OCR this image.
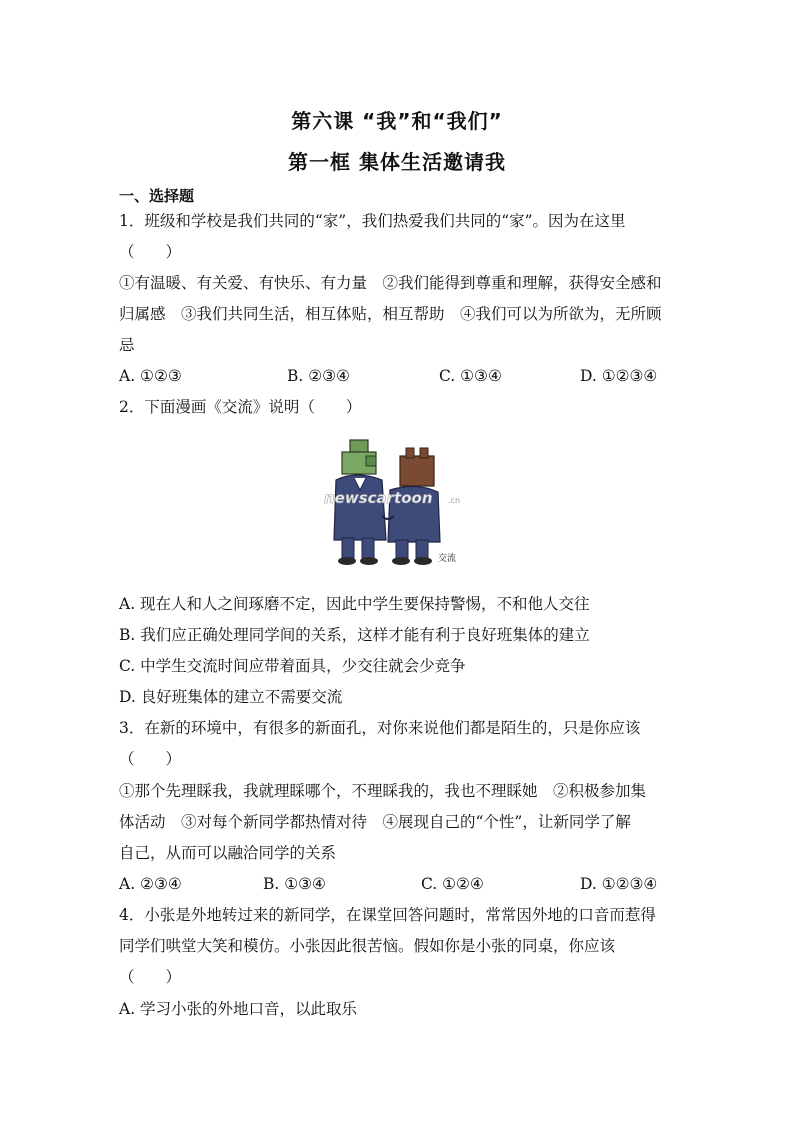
第六课 “我”和“我们”
第一框 集体生活邀请我
一、选择题
1．班级和学校是我们共同的“家”，我们热爱我们共同的“家”。因为在这里
（　　）
①有温暖、有关爱、有快乐、有力量　②我们能得到尊重和理解，获得安全感和
归属感　③我们共同生活，相互体贴，相互帮助　④我们可以为所欲为，无所顾
忌
A. ①②③	B. ②③④	C. ①③④	D. ①②③④
2．下面漫画《交流》说明（　　）
newscartoon .cn
交流
A. 现在人和人之间琢磨不定，因此中学生要保持警惕，不和他人交往
B. 我们应正确处理同学间的关系，这样才能有利于良好班集体的建立
C. 中学生交流时间应带着面具，少交往就会少竞争
D. 良好班集体的建立不需要交流
3．在新的环境中，有很多的新面孔，对你来说他们都是陌生的，只是你应该
（　　）
①那个先理睬我，我就理睬哪个，不理睬我的，我也不理睬她　②积极参加集
体活动　③对每个新同学都热情对待　④展现自己的“个性”，让新同学了解
自己，从而可以融洽同学的关系
A. ②③④	B. ①③④	C. ①②④	D. ①②③④
4．小张是外地转过来的新同学，在课堂回答问题时，常常因外地的口音而惹得
同学们哄堂大笑和模仿。小张因此很苦恼。假如你是小张的同桌，你应该
（　　）
A. 学习小张的外地口音，以此取乐
